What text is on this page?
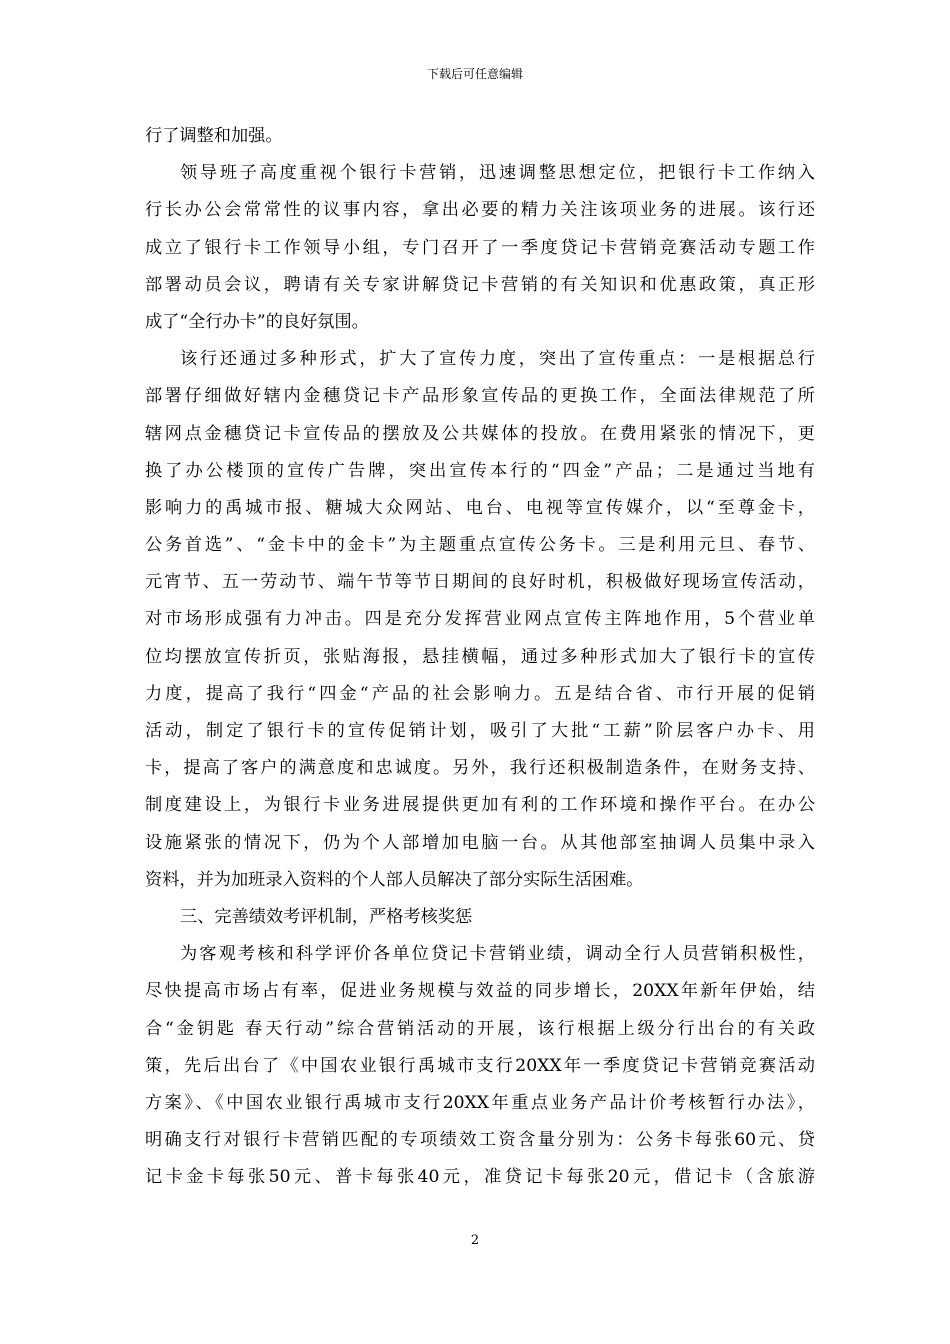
下载后可任意编辑
行了调整和加强。
领导班子高度重视个银行卡营销，迅速调整思想定位，把银行卡工作纳入
行长办公会常常性的议事内容，拿出必要的精力关注该项业务的进展。该行还
成立了银行卡工作领导小组，专门召开了一季度贷记卡营销竞赛活动专题工作
部署动员会议，聘请有关专家讲解贷记卡营销的有关知识和优惠政策，真正形
成了“全行办卡”的良好氛围。
该行还通过多种形式，扩大了宣传力度，突出了宣传重点：一是根据总行
部署仔细做好辖内金穗贷记卡产品形象宣传品的更换工作，全面法律规范了所
辖网点金穗贷记卡宣传品的摆放及公共媒体的投放。在费用紧张的情况下，更
换了办公楼顶的宣传广告牌，突出宣传本行的“四金”产品；二是通过当地有
影响力的禹城市报、糖城大众网站、电台、电视等宣传媒介，以“至尊金卡，
公务首选”、“金卡中的金卡”为主题重点宣传公务卡。三是利用元旦、春节、
元宵节、五一劳动节、端午节等节日期间的良好时机，积极做好现场宣传活动，
对市场形成强有力冲击。四是充分发挥营业网点宣传主阵地作用，5个营业单
位均摆放宣传折页，张贴海报，悬挂横幅，通过多种形式加大了银行卡的宣传
力度，提高了我行“四金“产品的社会影响力。五是结合省、市行开展的促销
活动，制定了银行卡的宣传促销计划，吸引了大批“工薪”阶层客户办卡、用
卡，提高了客户的满意度和忠诚度。另外，我行还积极制造条件，在财务支持、
制度建设上，为银行卡业务进展提供更加有利的工作环境和操作平台。在办公
设施紧张的情况下，仍为个人部增加电脑一台。从其他部室抽调人员集中录入
资料，并为加班录入资料的个人部人员解决了部分实际生活困难。
三、完善绩效考评机制，严格考核奖惩
为客观考核和科学评价各单位贷记卡营销业绩，调动全行人员营销积极性，
尽快提高市场占有率，促进业务规模与效益的同步增长，20XX年新年伊始，结
合“金钥匙 春天行动”综合营销活动的开展，该行根据上级分行出台的有关政
策，先后出台了《中国农业银行禹城市支行20XX年一季度贷记卡营销竞赛活动
方案》、《中国农业银行禹城市支行20XX年重点业务产品计价考核暂行办法》，
明确支行对银行卡营销匹配的专项绩效工资含量分别为：公务卡每张60元、贷
记卡金卡每张50元、普卡每张40元，准贷记卡每张20元，借记卡（含旅游
2
